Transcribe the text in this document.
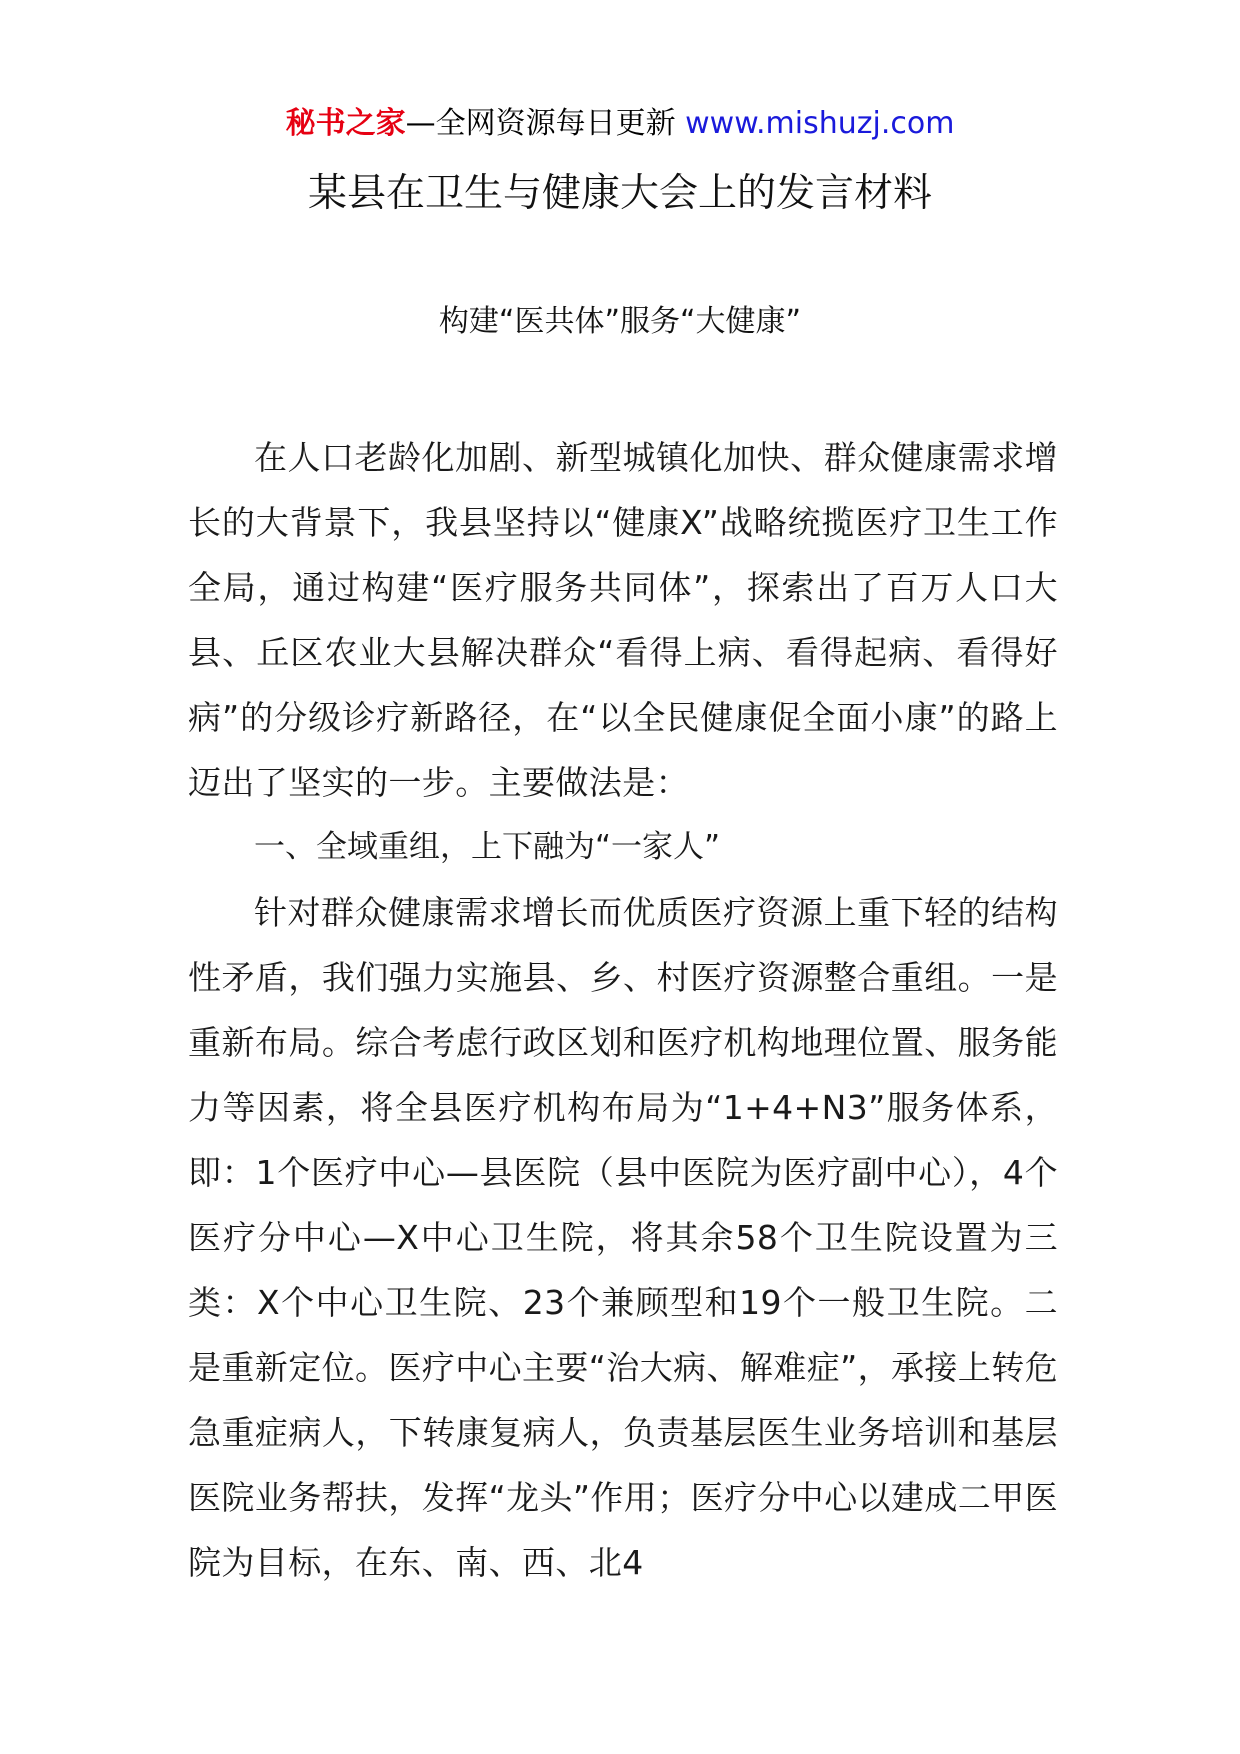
秘书之家—全网资源每日更新 www.mishuzj.com
某县在卫生与健康大会上的发言材料
构建“医共体”服务“大健康”

在人口老龄化加剧、新型城镇化加快、群众健康需求增长的大背景下，我县坚持以“健康X”战略统揽医疗卫生工作全局，通过构建“医疗服务共同体”，探索出了百万人口大县、丘区农业大县解决群众“看得上病、看得起病、看得好病”的分级诊疗新路径，在“以全民健康促全面小康”的路上迈出了坚实的一步。主要做法是：

一、全域重组，上下融为“一家人”

针对群众健康需求增长而优质医疗资源上重下轻的结构性矛盾，我们强力实施县、乡、村医疗资源整合重组。一是重新布局。综合考虑行政区划和医疗机构地理位置、服务能力等因素，将全县医疗机构布局为“1+4+N3”服务体系，即：1个医疗中心—县医院（县中医院为医疗副中心），4个医疗分中心—X中心卫生院，将其余58个卫生院设置为三类：X个中心卫生院、23个兼顾型和19个一般卫生院。二是重新定位。医疗中心主要“治大病、解难症”，承接上转危急重症病人，下转康复病人，负责基层医生业务培训和基层医院业务帮扶，发挥“龙头”作用；医疗分中心以建成二甲医院为目标，在东、南、西、北4
